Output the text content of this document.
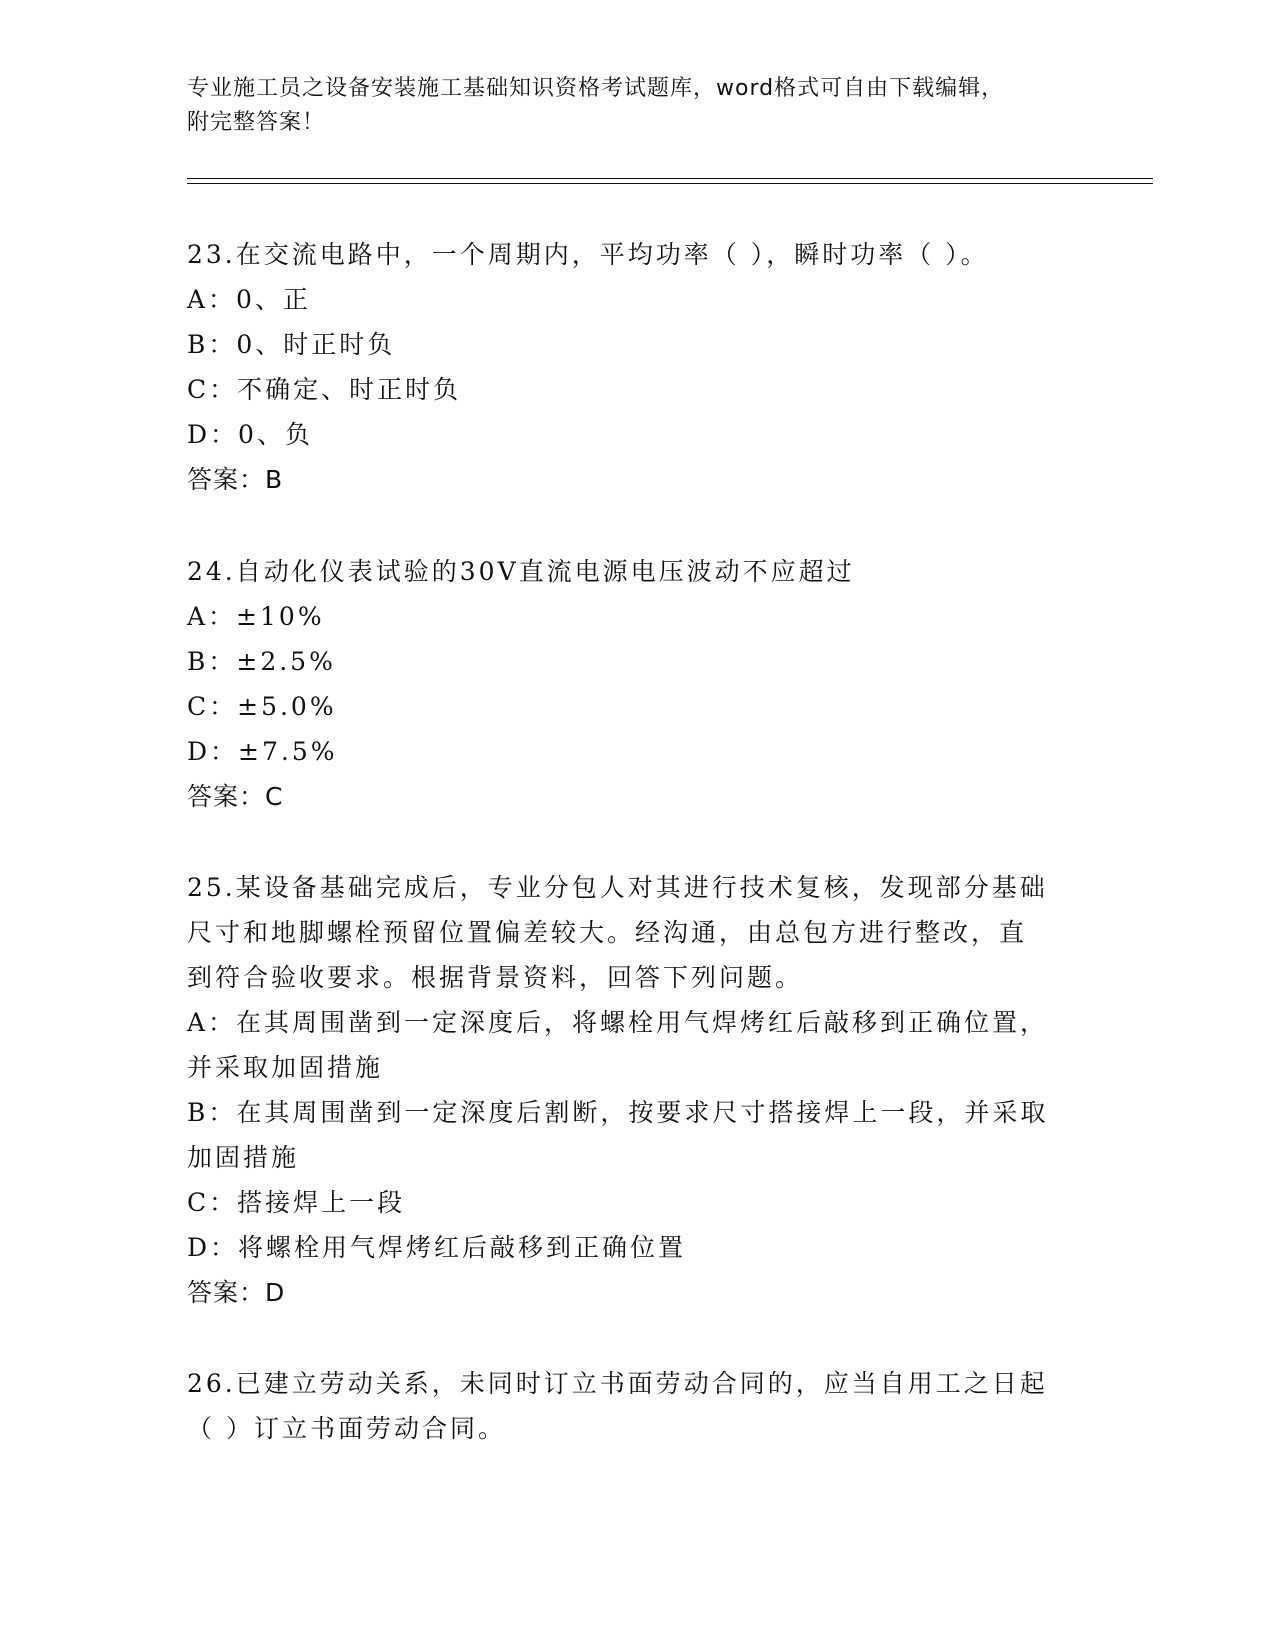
专业施工员之设备安装施工基础知识资格考试题库，word格式可自由下载编辑，
附完整答案！
23.在交流电路中，一个周期内，平均功率（ ），瞬时功率（ ）。
A：0、正
B：0、时正时负
C：不确定、时正时负
D：0、负
答案：B
24.自动化仪表试验的30V直流电源电压波动不应超过
A：±10%
B：±2.5%
C：±5.0%
D：±7.5%
答案：C
25.某设备基础完成后，专业分包人对其进行技术复核，发现部分基础
尺寸和地脚螺栓预留位置偏差较大。经沟通，由总包方进行整改，直
到符合验收要求。根据背景资料，回答下列问题。
A：在其周围凿到一定深度后，将螺栓用气焊烤红后敲移到正确位置，
并采取加固措施
B：在其周围凿到一定深度后割断，按要求尺寸搭接焊上一段，并采取
加固措施
C：搭接焊上一段
D：将螺栓用气焊烤红后敲移到正确位置
答案：D
26.已建立劳动关系，未同时订立书面劳动合同的，应当自用工之日起
（ ）订立书面劳动合同。
